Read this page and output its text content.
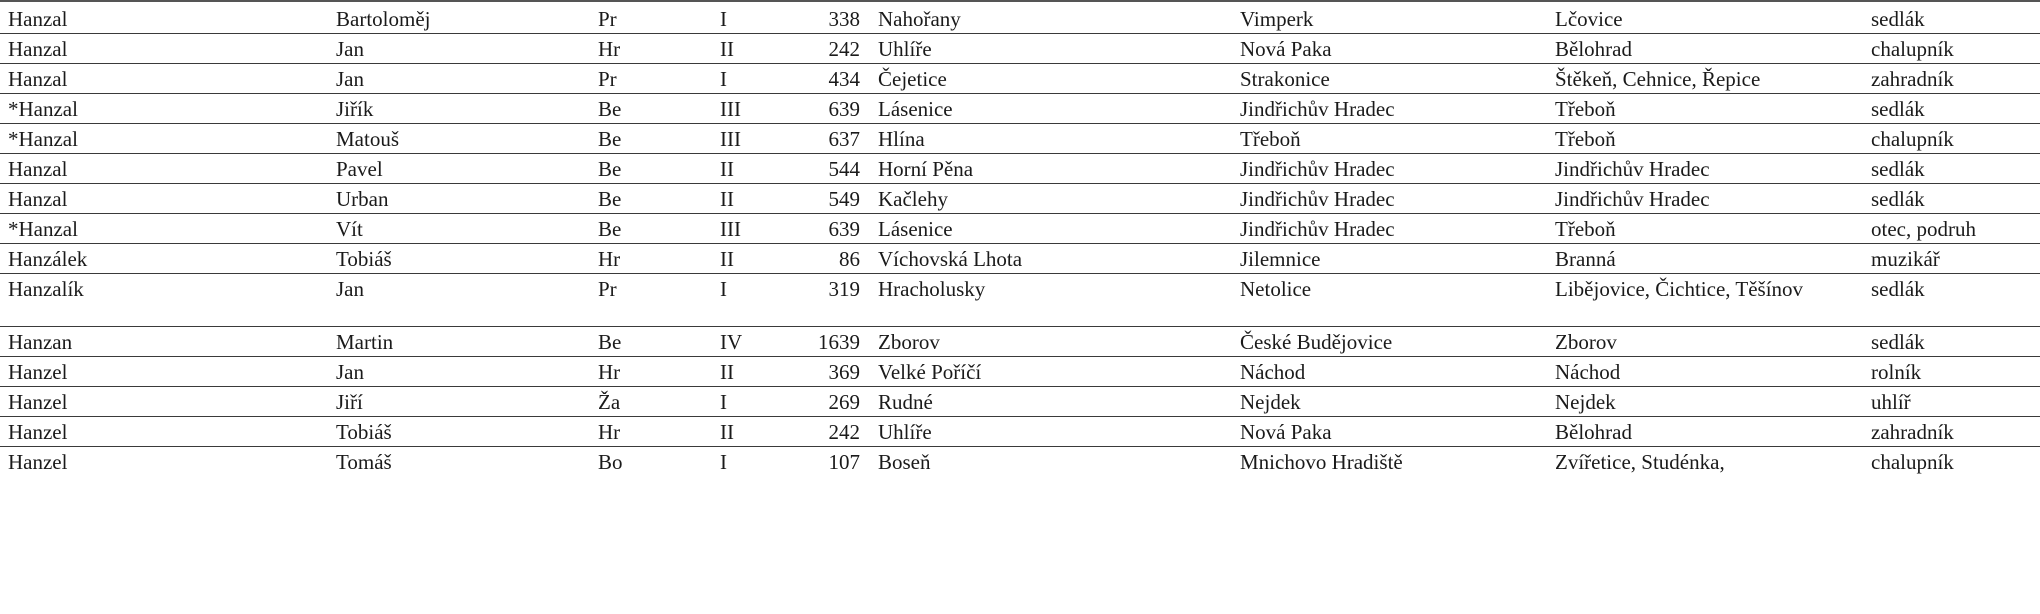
Hanzal	Bartoloměj	Pr	I	338	Nahořany	Vimperk	Lčovice	sedlák
Hanzal	Jan	Hr	II	242	Uhlíře	Nová Paka	Bělohrad	chalupník
Hanzal	Jan	Pr	I	434	Čejetice	Strakonice	Štěkeň, Cehnice, Řepice	zahradník
*Hanzal	Jiřík	Be	III	639	Lásenice	Jindřichův Hradec	Třeboň	sedlák
*Hanzal	Matouš	Be	III	637	Hlína	Třeboň	Třeboň	chalupník
Hanzal	Pavel	Be	II	544	Horní Pěna	Jindřichův Hradec	Jindřichův Hradec	sedlák
Hanzal	Urban	Be	II	549	Kačlehy	Jindřichův Hradec	Jindřichův Hradec	sedlák
*Hanzal	Vít	Be	III	639	Lásenice	Jindřichův Hradec	Třeboň	otec, podruh
Hanzálek	Tobiáš	Hr	II	86	Víchovská Lhota	Jilemnice	Branná	muzikář
Hanzalík	Jan	Pr	I	319	Hracholusky	Netolice	Libějovice, Čichtice, Těšínov	sedlák
Hanzan	Martin	Be	IV	1639	Zborov	České Budějovice	Zborov	sedlák
Hanzel	Jan	Hr	II	369	Velké Poříčí	Náchod	Náchod	rolník
Hanzel	Jiří	Ža	I	269	Rudné	Nejdek	Nejdek	uhlíř
Hanzel	Tobiáš	Hr	II	242	Uhlíře	Nová Paka	Bělohrad	zahradník
Hanzel	Tomáš	Bo	I	107	Boseň	Mnichovo Hradiště	Zvířetice, Studénka,	chalupník
